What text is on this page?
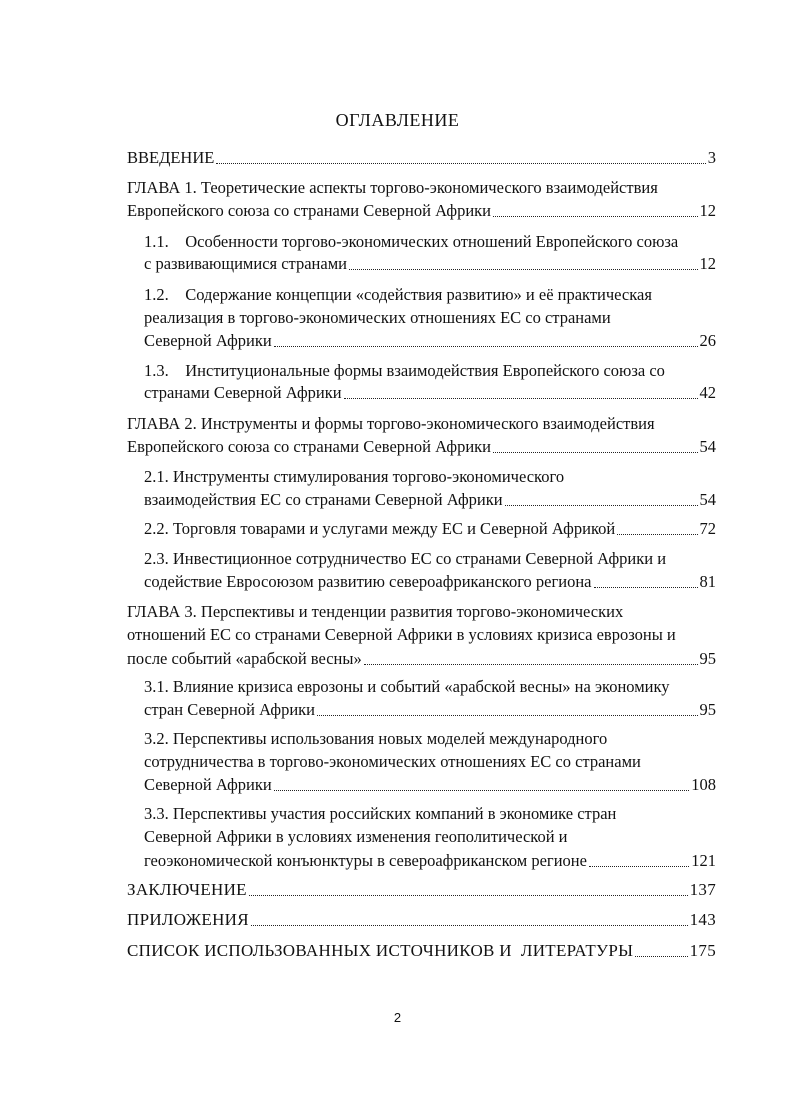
ОГЛАВЛЕНИЕ
ВВЕДЕНИЕ	3
ГЛАВА 1. Теоретические аспекты торгово-экономического взаимодействия
Европейского союза со странами Северной Африки	12
1.1.    Особенности торгово-экономических отношений Европейского союза
с развивающимися странами	12
1.2.    Содержание концепции «содействия развитию» и её практическая
реализация в торгово-экономических отношениях ЕС со странами
Северной Африки	26
1.3.    Институциональные формы взаимодействия Европейского союза со
странами Северной Африки	42
ГЛАВА 2. Инструменты и формы торгово-экономического взаимодействия
Европейского союза со странами Северной Африки	54
2.1. Инструменты стимулирования торгово-экономического
взаимодействия ЕС со странами Северной Африки	54
2.2. Торговля товарами и услугами между ЕС и Северной Африкой	72
2.3. Инвестиционное сотрудничество ЕС со странами Северной Африки и
содействие Евросоюзом развитию североафриканского региона	81
ГЛАВА 3. Перспективы и тенденции развития торгово-экономических
отношений ЕС со странами Северной Африки в условиях кризиса еврозоны и
после событий «арабской весны»	95
3.1. Влияние кризиса еврозоны и событий «арабской весны» на экономику
стран Северной Африки	95
3.2. Перспективы использования новых моделей международного
сотрудничества в торгово-экономических отношениях ЕС со странами
Северной Африки	108
3.3. Перспективы участия российских компаний в экономике стран
Северной Африки в условиях изменения геополитической и
геоэкономической конъюнктуры в североафриканском регионе	121
ЗАКЛЮЧЕНИЕ	137
ПРИЛОЖЕНИЯ	143
СПИСОК ИСПОЛЬЗОВАННЫХ ИСТОЧНИКОВ И  ЛИТЕРАТУРЫ	175
2
